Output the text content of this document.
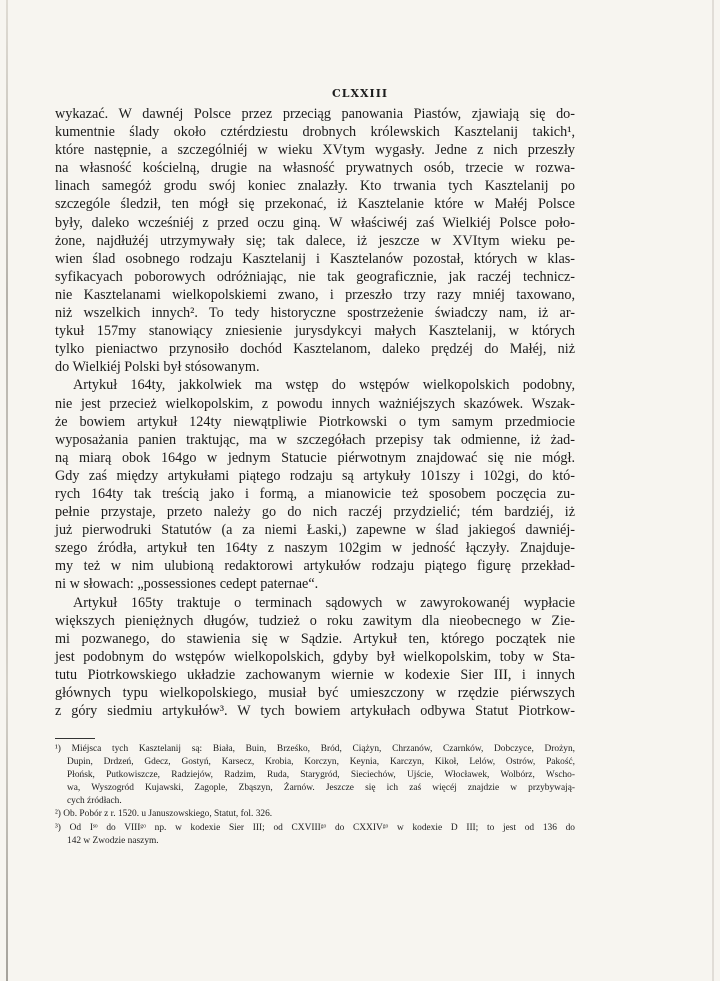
CLXXIII
wykazać. W dawnéj Polsce przez przeciąg panowania Piastów, zjawiają się do-
kumentnie ślady około cztérdziestu drobnych królewskich Kasztelanij takich¹,
które następnie, a szczególniéj w wieku XVtym wygasły. Jedne z nich przeszły
na własność kościelną, drugie na własność prywatnych osób, trzecie w rozwa-
linach samegóż grodu swój koniec znalazły. Kto trwania tych Kasztelanij po
szczególe śledził, ten mógł się przekonać, iż Kasztelanie które w Małéj Polsce
były, daleko wcześniéj z przed oczu giną. W właściwéj zaś Wielkiéj Polsce poło-
żone, najdłużéj utrzymywały się; tak dalece, iż jeszcze w XVItym wieku pe-
wien ślad osobnego rodzaju Kasztelanij i Kasztelanów pozostał, których w klas-
syfikacyach poborowych odróżniając, nie tak geograficznie, jak raczéj technicz-
nie Kasztelanami wielkopolskiemi zwano, i przeszło trzy razy mniéj taxowano,
niż wszelkich innych². To tedy historyczne spostrzeżenie świadczy nam, iż ar-
tykuł 157my stanowiący zniesienie jurysdykcyi małych Kasztelanij, w których
tylko pieniactwo przynosiło dochód Kasztelanom, daleko prędzéj do Małéj, niż
do Wielkiéj Polski był stósowanym.
Artykuł 164ty, jakkolwiek ma wstęp do wstępów wielkopolskich podobny,
nie jest przecież wielkopolskim, z powodu innych ważniéjszych skazówek. Wszak-
że bowiem artykuł 124ty niewątpliwie Piotrkowski o tym samym przedmiocie
wyposażania panien traktując, ma w szczegółach przepisy tak odmienne, iż żad-
ną miarą obok 164go w jednym Statucie piérwotnym znajdować się nie mógł.
Gdy zaś między artykułami piątego rodzaju są artykuły 101szy i 102gi, do któ-
rych 164ty tak treścią jako i formą, a mianowicie też sposobem poczęcia zu-
pełnie przystaje, przeto należy go do nich raczéj przydzielić; tém bardziéj, iż
już pierwodruki Statutów (a za niemi Łaski,) zapewne w ślad jakiegoś dawniéj-
szego źródła, artykuł ten 164ty z naszym 102gim w jedność łączyły. Znajduje-
my też w nim ulubioną redaktorowi artykułów rodzaju piątego figurę przekład-
ni w słowach: „possessiones cedept paternae“.
Artykuł 165ty traktuje o terminach sądowych w zawyrokowanéj wypłacie
większych pieniężnych długów, tudzież o roku zawitym dla nieobecnego w Zie-
mi pozwanego, do stawienia się w Sądzie. Artykuł ten, którego początek nie
jest podobnym do wstępów wielkopolskich, gdyby był wielkopolskim, toby w Sta-
tutu Piotrkowskiego układzie zachowanym wiernie w kodexie Sier III, i innych
głównych typu wielkopolskiego, musiał być umieszczony w rzędzie piérwszych
z góry siedmiu artykułów³. W tych bowiem artykułach odbywa Statut Piotrkow-
¹) Miéjsca tych Kasztelanij są: Biała, Buin, Brześko, Bród, Ciążyn, Chrzanów, Czarnków, Dobczyce, Drożyn,
Dupin, Drdzeń, Gdecz, Gostyń, Karsecz, Krobia, Korczyn, Keynia, Karczyn, Kikoł, Lelów, Ostrów, Pakość,
Płońsk, Putkowiszcze, Radziejów, Radzim, Ruda, Starygród, Sieciechów, Ujście, Włocławek, Wolbórz, Wscho-
wa, Wyszogród Kujawski, Zagople, Zbąszyn, Żarnów. Jeszcze się ich zaś więcéj znajdzie w przybywają-
cych źródłach.
²) Ob. Pobór z r. 1520. u Januszowskiego, Statut, fol. 326.
³) Od Iˢᵒ do VIIIᵍᵒ np. w kodexie Sier III; od CXVIIIᵍᵒ do CXXIVᵍᵒ w kodexie D III; to jest od 136 do
142 w Zwodzie naszym.
